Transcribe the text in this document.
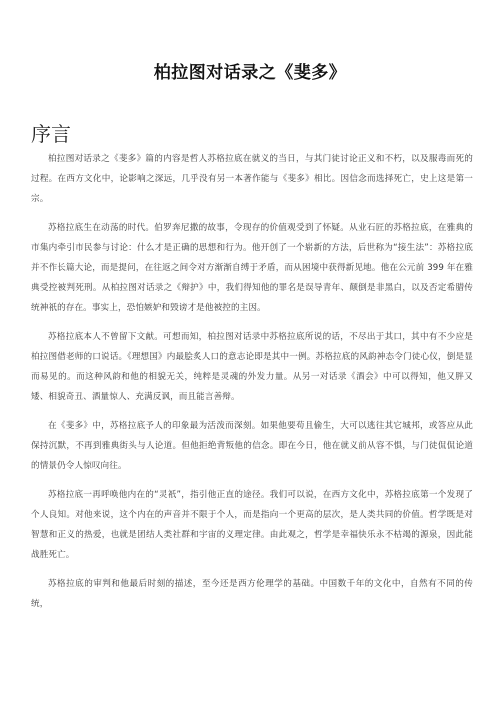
柏拉图对话录之《斐多》
序言

柏拉图对话录之《斐多》篇的内容是哲人苏格拉底在就义的当日，与其门徒讨论正义和不朽，以及服毒而死的过程。在西方文化中，论影响之深远，几乎没有另一本著作能与《斐多》相比。因信念而选择死亡，史上这是第一宗。

苏格拉底生在动荡的时代。伯罗奔尼撒的故事，令现存的价值观受到了怀疑。从业石匠的苏格拉底，在雅典的市集内牵引市民参与讨论：什么才是正确的思想和行为。他开创了一个崭新的方法，后世称为“接生法”：苏格拉底并不作长篇大论，而是提问，在往返之间令对方渐渐自缚于矛盾，而从困境中获得新见地。他在公元前 399 年在雅典受控被判死刑。从柏拉图对话录之《辩护》中，我们得知他的罪名是误导青年、颠倒是非黑白，以及否定希腊传统神祇的存在。事实上，恐怕嫉妒和毁谤才是他被控的主因。

苏格拉底本人不曾留下文献。可想而知，柏拉图对话录中苏格拉底所说的话，不尽出于其口，其中有不少应是柏拉图借老师的口说话。《理想国》内最脍炙人口的意志论即是其中一例。苏格拉底的风韵神态令门徒心仪，倒是显而易见的。而这种风韵和他的相貌无关，纯粹是灵魂的外发力量。从另一对话录《酒会》中可以得知，他又胖又矮、相貌奇丑、酒量惊人、充满反讽，而且能言善辩。

在《斐多》中，苏格拉底予人的印象最为活泼而深刻。如果他要苟且偷生，大可以逃往其它城邦，或答应从此保持沉默，不再到雅典街头与人论道。但他拒绝背叛他的信念。即在今日，他在就义前从容不惧，与门徒侃侃论道的情景仍令人惊叹向往。

苏格拉底一再呼唤他内在的“灵祇”，指引他正直的途径。我们可以说，在西方文化中，苏格拉底第一个发现了个人良知。对他来说，这个内在的声音并不限于个人，而是指向一个更高的层次，是人类共同的价值。哲学既是对智慧和正义的热爱，也就是团结人类社群和宇宙的义理定律。由此观之，哲学是幸福快乐永不枯竭的源泉，因此能战胜死亡。

苏格拉底的审判和他最后时刻的描述，至今还是西方伦理学的基础。中国数千年的文化中，自然有不同的传统，
